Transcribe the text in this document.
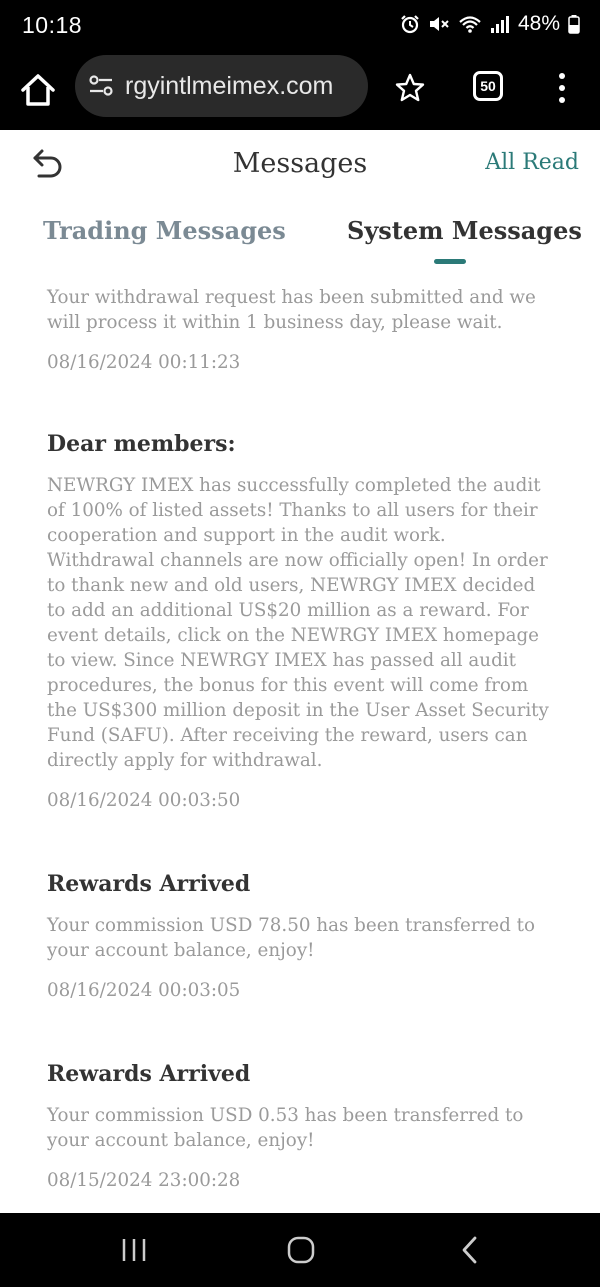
10:18	48%
rgyintlmeimex.com	50
Messages	All Read
Trading Messages	System Messages
Your withdrawal request has been submitted and we will process it within 1 business day, please wait.
08/16/2024 00:11:23
Dear members:
NEWRGY IMEX has successfully completed the audit of 100% of listed assets! Thanks to all users for their cooperation and support in the audit work. Withdrawal channels are now officially open! In order to thank new and old users, NEWRGY IMEX decided to add an additional US$20 million as a reward. For event details, click on the NEWRGY IMEX homepage to view. Since NEWRGY IMEX has passed all audit procedures, the bonus for this event will come from the US$300 million deposit in the User Asset Security Fund (SAFU). After receiving the reward, users can directly apply for withdrawal.
08/16/2024 00:03:50
Rewards Arrived
Your commission USD 78.50 has been transferred to your account balance, enjoy!
08/16/2024 00:03:05
Rewards Arrived
Your commission USD 0.53 has been transferred to your account balance, enjoy!
08/15/2024 23:00:28
